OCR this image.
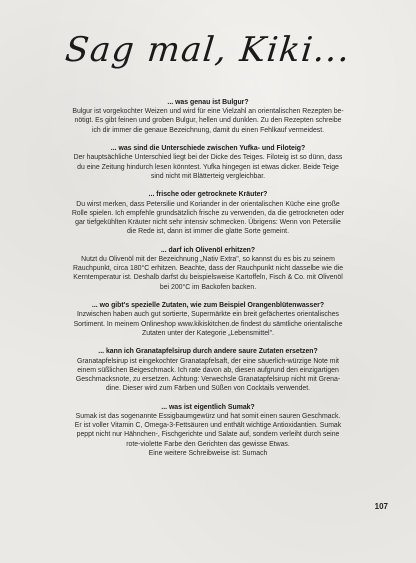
Sag mal, Kiki...
... was genau ist Bulgur?

Bulgur ist vorgekochter Weizen und wird für eine Vielzahl an orientalischen Rezepten be-

nötigt. Es gibt feinen und groben Bulgur, hellen und dunklen. Zu den Rezepten schreibe

ich dir immer die genaue Bezeichnung, damit du einen Fehlkauf vermeidest.

... was sind die Unterschiede zwischen Yufka- und Filoteig?

Der hauptsächliche Unterschied liegt bei der Dicke des Teiges. Filoteig ist so dünn, dass

du eine Zeitung hindurch lesen könntest. Yufka hingegen ist etwas dicker. Beide Teige

sind nicht mit Blätterteig vergleichbar.

... frische oder getrocknete Kräuter?

Du wirst merken, dass Petersilie und Koriander in der orientalischen Küche eine große

Rolle spielen. Ich empfehle grundsätzlich frische zu verwenden, da die getrockneten oder

gar tiefgekühlten Kräuter nicht sehr intensiv schmecken. Übrigens: Wenn von Petersilie

die Rede ist, dann ist immer die glatte Sorte gemeint.

... darf ich Olivenöl erhitzen?

Nutzt du Olivenöl mit der Bezeichnung „Nativ Extra", so kannst du es bis zu seinem

Rauchpunkt, circa 180°C erhitzen. Beachte, dass der Rauchpunkt nicht dasselbe wie die

Kerntemperatur ist. Deshalb darfst du beispielsweise Kartoffeln, Fisch & Co. mit Olivenöl

bei 200°C im Backofen backen.

... wo gibt's spezielle Zutaten, wie zum Beispiel Orangenblütenwasser?

Inzwischen haben auch gut sortierte, Supermärkte ein breit gefächertes orientalisches

Sortiment. In meinem Onlineshop www.kikiskitchen.de findest du sämtliche orientalische

Zutaten unter der Kategorie „Lebensmittel".

... kann ich Granatapfelsirup durch andere saure Zutaten ersetzen?

Granatapfelsirup ist eingekochter Granatapfelsaft, der eine säuerlich-würzige Note mit

einem süßlichen Beigeschmack. Ich rate davon ab, diesen aufgrund den einzigartigen

Geschmacksnote, zu ersetzen. Achtung: Verwechsle Granatapfelsirup nicht mit Grena-

dine. Dieser wird zum Färben und Süßen von Cocktails verwendet.

... was ist eigentlich Sumak?

Sumak ist das sogenannte Essigbaumgewürz und hat somit einen sauren Geschmack.

Er ist voller Vitamin C, Omega-3-Fettsäuren und enthält wichtige Antioxidantien. Sumak

peppt nicht nur Hähnchen-, Fischgerichte und Salate auf, sondern verleiht durch seine

rote-violette Farbe den Gerichten das gewisse Etwas.

Eine weitere Schreibweise ist: Sumach

107
